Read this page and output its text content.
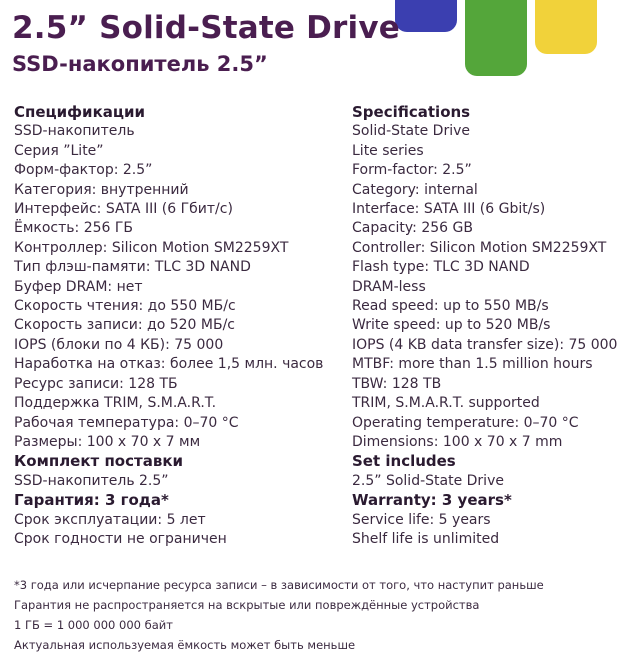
2.5” Solid-State Drive
SSD-накопитель 2.5”
Спецификации
SSD-накопитель
Серия ”Lite”
Форм-фактор: 2.5”
Категория: внутренний
Интерфейс: SATA III (6 Гбит/с)
Ёмкость: 256 ГБ
Контроллер: Silicon Motion SM2259XT
Тип флэш-памяти: TLC 3D NAND
Буфер DRAM: нет
Скорость чтения: до 550 МБ/с
Скорость записи: до 520 МБ/с
IOPS (блоки по 4 КБ): 75 000
Наработка на отказ: более 1,5 млн. часов
Ресурс записи: 128 ТБ
Поддержка TRIM, S.M.A.R.T.
Рабочая температура: 0–70 °C
Размеры: 100 х 70 х 7 мм
Комплект поставки
SSD-накопитель 2.5”
Гарантия: 3 года*
Срок эксплуатации: 5 лет
Срок годности не ограничен
Specifications
Solid-State Drive
Lite series
Form-factor: 2.5”
Category: internal
Interface: SATA III (6 Gbit/s)
Capacity: 256 GB
Controller: Silicon Motion SM2259XT
Flash type: TLC 3D NAND
DRAM-less
Read speed: up to 550 MB/s
Write speed: up to 520 MB/s
IOPS (4 KB data transfer size): 75 000
MTBF: more than 1.5 million hours
TBW: 128 TB
TRIM, S.M.A.R.T. supported
Operating temperature: 0–70 °C
Dimensions: 100 x 70 x 7 mm
Set includes
2.5” Solid-State Drive
Warranty: 3 years*
Service life: 5 years
Shelf life is unlimited
*3 года или исчерпание ресурса записи – в зависимости от того, что наступит раньше
Гарантия не распространяется на вскрытые или повреждённые устройства
1 ГБ = 1 000 000 000 байт
Актуальная используемая ёмкость может быть меньше
